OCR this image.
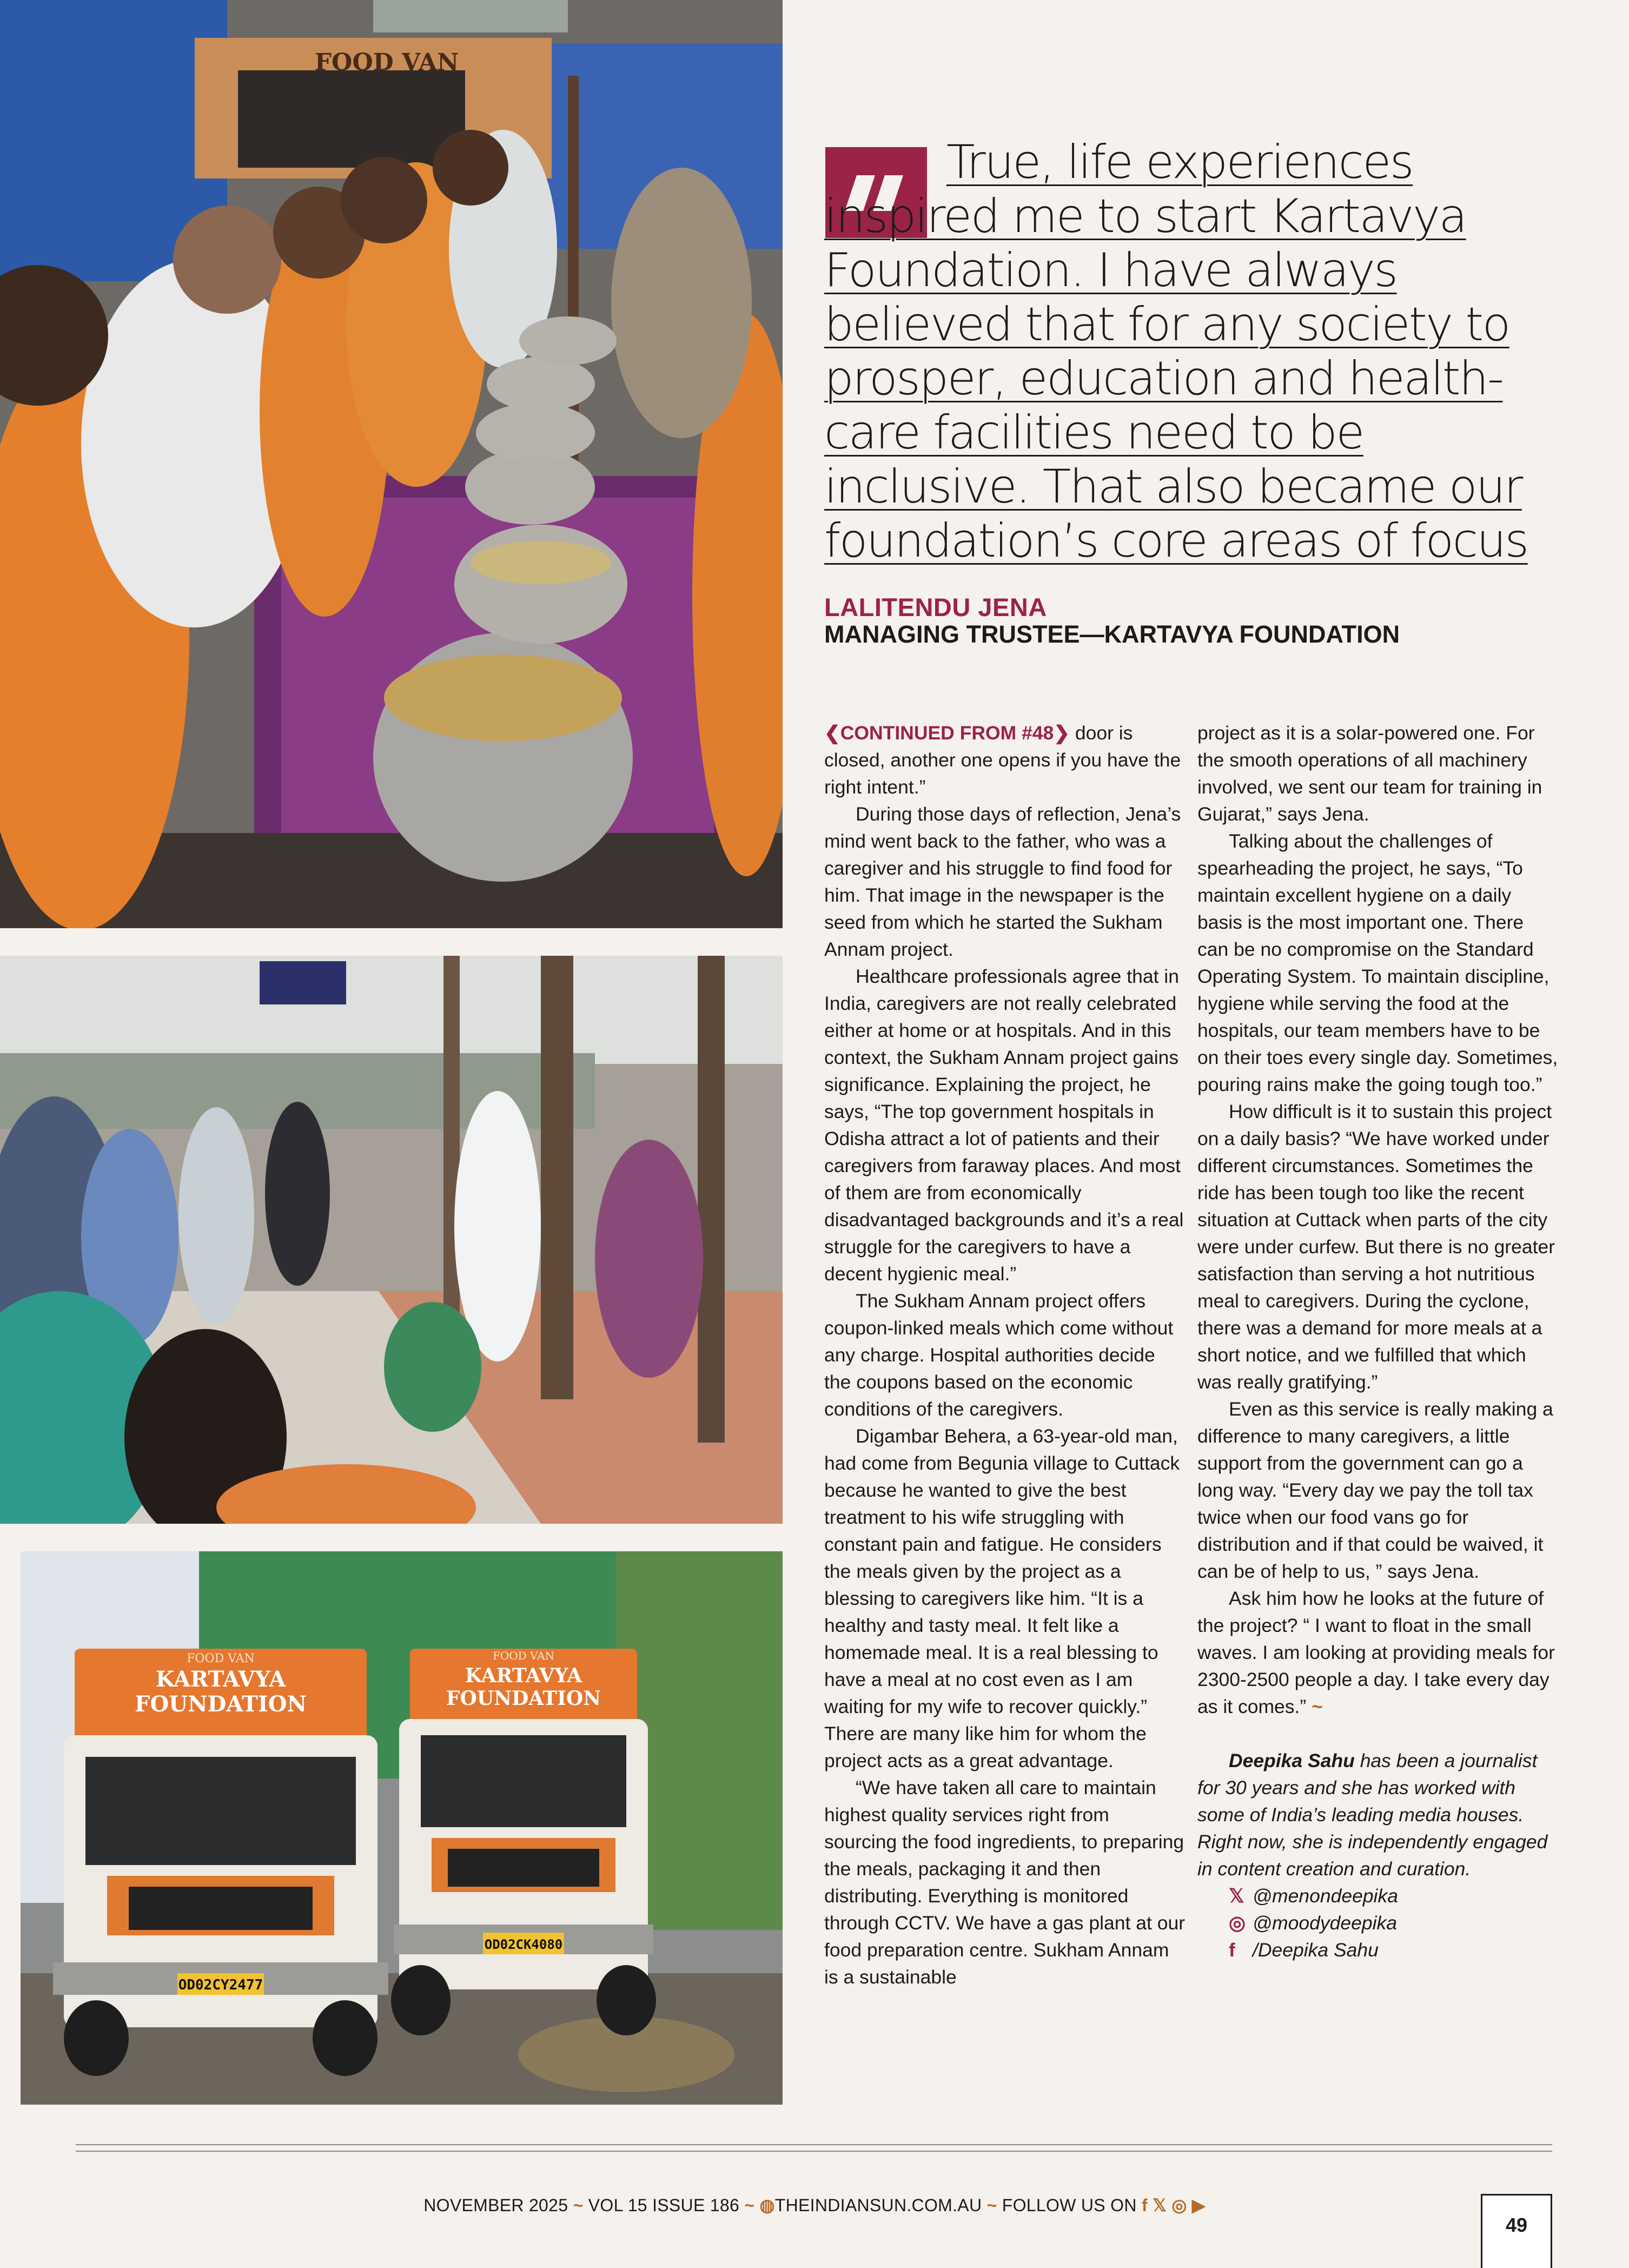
FOOD VAN
OD02CY2477
FOOD VAN
KARTAVYA
FOUNDATION
OD02CK4080
FOOD VAN
KARTAVYA
FOUNDATION

True, life experiences inspired me to start Kartavya Foundation. I have always believed that for any society to prosper, education and health-care facilities need to be inclusive. That also became our foundation’s core areas of focus

LALITENDU JENA

MANAGING TRUSTEE—KARTAVYA FOUNDATION

❮CONTINUED FROM #48❯ door is closed, another one opens if you have the right intent.”

During those days of reflection, Jena’s mind went back to the father, who was a caregiver and his struggle to find food for him. That image in the newspaper is the seed from which he started the Sukham Annam project.

Healthcare professionals agree that in India, caregivers are not really celebrated either at home or at hospitals. And in this context, the Sukham Annam project gains significance. Explaining the project, he says, “The top government hospitals in Odisha attract a lot of patients and their caregivers from faraway places. And most of them are from economically disadvantaged backgrounds and it’s a real struggle for the caregivers to have a decent hygienic meal.”

The Sukham Annam project offers coupon-linked meals which come without any charge. Hospital authorities decide the coupons based on the economic conditions of the caregivers.

Digambar Behera, a 63-year-old man, had come from Begunia village to Cuttack because he wanted to give the best treatment to his wife struggling with constant pain and fatigue. He considers the meals given by the project as a blessing to caregivers like him. “It is a healthy and tasty meal. It felt like a homemade meal. It is a real blessing to have a meal at no cost even as I am waiting for my wife to recover quickly.” There are many like him for whom the project acts as a great advantage.

“We have taken all care to maintain highest quality services right from sourcing the food ingredients, to preparing the meals, packaging it and then distributing. Everything is monitored through CCTV. We have a gas plant at our food preparation centre. Sukham Annam is a sustainable

project as it is a solar-powered one. For the smooth operations of all machinery involved, we sent our team for training in Gujarat,” says Jena.

Talking about the challenges of spearheading the project, he says, “To maintain excellent hygiene on a daily basis is the most important one. There can be no compromise on the Standard Operating System. To maintain discipline, hygiene while serving the food at the hospitals, our team members have to be on their toes every single day. Sometimes, pouring rains make the going tough too.”

How difficult is it to sustain this project on a daily basis? “We have worked under different circumstances. Sometimes the ride has been tough too like the recent situation at Cuttack when parts of the city were under curfew. But there is no greater satisfaction than serving a hot nutritious meal to caregivers. During the cyclone, there was a demand for more meals at a short notice, and we fulfilled that which was really gratifying.”

Even as this service is really making a difference to many caregivers, a little support from the government can go a long way. “Every day we pay the toll tax twice when our food vans go for distribution and if that could be waived, it can be of help to us, ” says Jena.

Ask him how he looks at the future of the project? “ I want to float in the small waves. I am looking at providing meals for 2300-2500 people a day. I take every day as it comes.” ~

Deepika Sahu has been a journalist for 30 years and she has worked with some of India’s leading media houses. Right now, she is independently engaged in content creation and curation.

𝕏 @menondeepika
◎ @moodydeepika
f /Deepika Sahu
NOVEMBER 2025 ~ VOL 15 ISSUE 186 ~ ◍THEINDIANSUN.COM.AU ~ FOLLOW US ON f 𝕏 ◎ ▶
49
